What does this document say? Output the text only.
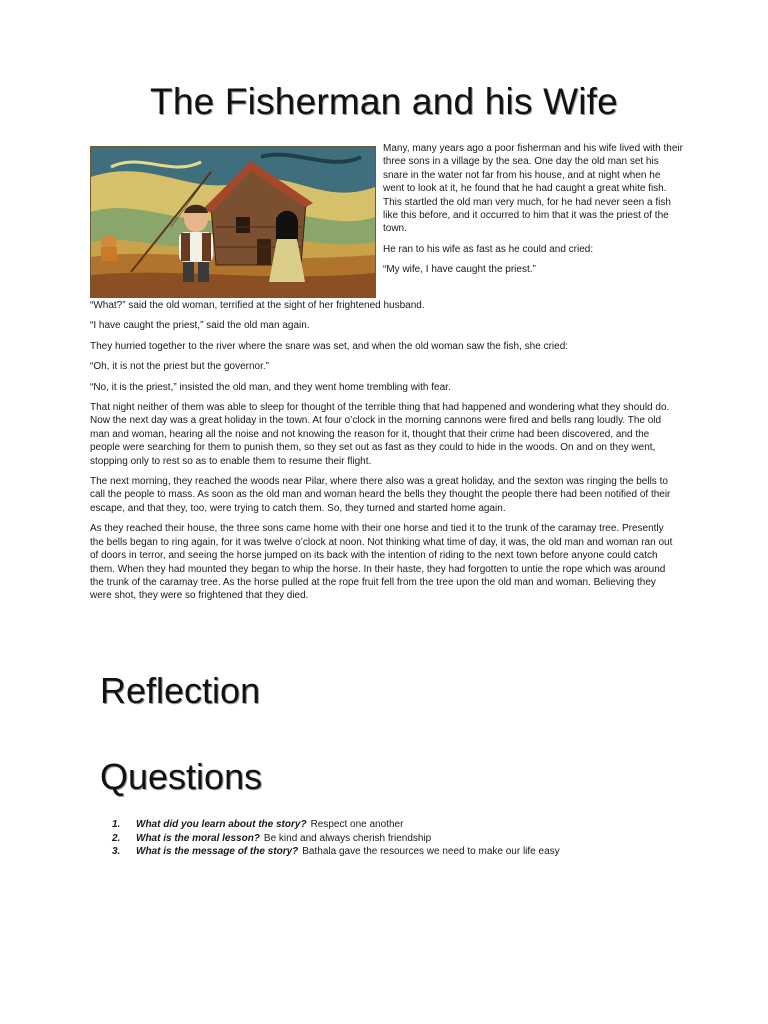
The Fisherman and his Wife

Many, many years ago a poor fisherman and his wife lived with their three sons in a village by the sea. One day the old man set his snare in the water not far from his house, and at night when he went to look at it, he found that he had caught a great white fish. This startled the old man very much, for he had never seen a fish like this before, and it occurred to him that it was the priest of the town.

He ran to his wife as fast as he could and cried:

“My wife, I have caught the priest.”

“What?” said the old woman, terrified at the sight of her frightened husband.

“I have caught the priest,” said the old man again.

They hurried together to the river where the snare was set, and when the old woman saw the fish, she cried:

“Oh, it is not the priest but the governor.”

“No, it is the priest,” insisted the old man, and they went home trembling with fear.

That night neither of them was able to sleep for thought of the terrible thing that had happened and wondering what they should do. Now the next day was a great holiday in the town. At four o’clock in the morning cannons were fired and bells rang loudly. The old man and woman, hearing all the noise and not knowing the reason for it, thought that their crime had been discovered, and the people were searching for them to punish them, so they set out as fast as they could to hide in the woods. On and on they went, stopping only to rest so as to enable them to resume their flight.

The next morning, they reached the woods near Pilar, where there also was a great holiday, and the sexton was ringing the bells to call the people to mass. As soon as the old man and woman heard the bells they thought the people there had been notified of their escape, and that they, too, were trying to catch them. So, they turned and started home again.

As they reached their house, the three sons came home with their one horse and tied it to the trunk of the caramay tree. Presently the bells began to ring again, for it was twelve o’clock at noon. Not thinking what time of day, it was, the old man and woman ran out of doors in terror, and seeing the horse jumped on its back with the intention of riding to the next town before anyone could catch them. When they had mounted they began to whip the horse. In their haste, they had forgotten to untie the rope which was around the trunk of the caramay tree. As the horse pulled at the rope fruit fell from the tree upon the old man and woman. Believing they were shot, they were so frightened that they died.

Reflection
Questions
1.	What did you learn about the story? Respect one another
2.	What is the moral lesson? Be kind and always cherish friendship
3.	What is the message of the story? Bathala gave the resources we need to make our life easy
